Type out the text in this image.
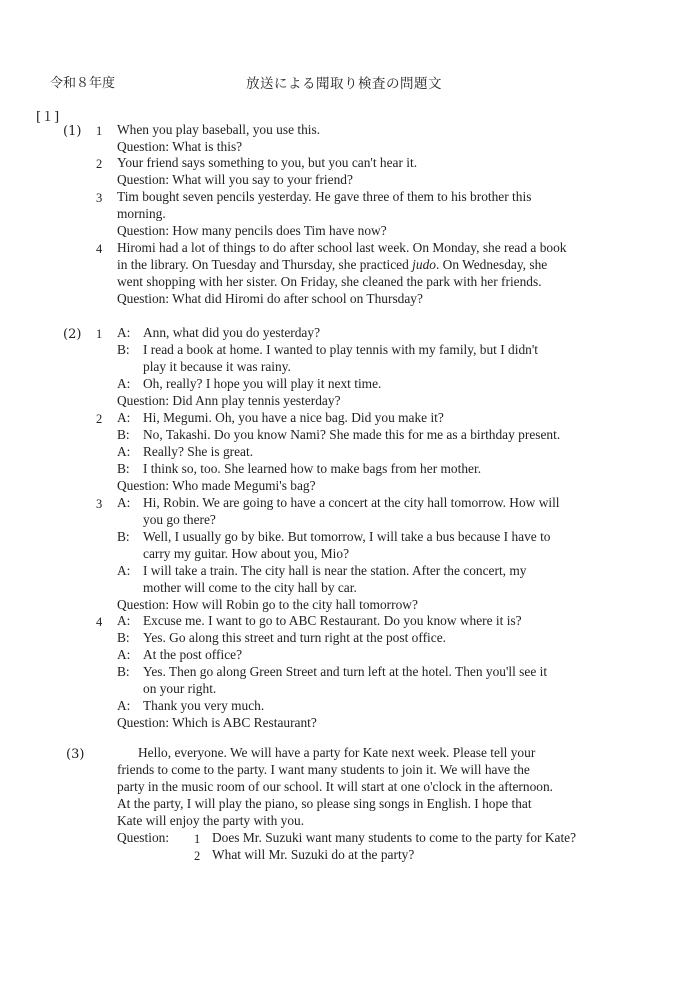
令和８年度	放送による聞取り検査の問題文
[１]
(1) 1 When you play baseball, you use this.
Question: What is this?
2 Your friend says something to you, but you can't hear it.
Question: What will you say to your friend?
3 Tim bought seven pencils yesterday. He gave three of them to his brother this
morning.
Question: How many pencils does Tim have now?
4 Hiromi had a lot of things to do after school last week. On Monday, she read a book
in the library. On Tuesday and Thursday, she practiced judo. On Wednesday, she
went shopping with her sister. On Friday, she cleaned the park with her friends.
Question: What did Hiromi do after school on Thursday?
(2) 1 A: Ann, what did you do yesterday?
B: I read a book at home. I wanted to play tennis with my family, but I didn't
play it because it was rainy.
A: Oh, really? I hope you will play it next time.
Question: Did Ann play tennis yesterday?
2 A: Hi, Megumi. Oh, you have a nice bag. Did you make it?
B: No, Takashi. Do you know Nami? She made this for me as a birthday present.
A: Really? She is great.
B: I think so, too. She learned how to make bags from her mother.
Question: Who made Megumi's bag?
3 A: Hi, Robin. We are going to have a concert at the city hall tomorrow. How will
you go there?
B: Well, I usually go by bike. But tomorrow, I will take a bus because I have to
carry my guitar. How about you, Mio?
A: I will take a train. The city hall is near the station. After the concert, my
mother will come to the city hall by car.
Question: How will Robin go to the city hall tomorrow?
4 A: Excuse me. I want to go to ABC Restaurant. Do you know where it is?
B: Yes. Go along this street and turn right at the post office.
A: At the post office?
B: Yes. Then go along Green Street and turn left at the hotel. Then you'll see it
on your right.
A: Thank you very much.
Question: Which is ABC Restaurant?
(3)	Hello, everyone. We will have a party for Kate next week. Please tell your
friends to come to the party. I want many students to join it. We will have the
party in the music room of our school. It will start at one o'clock in the afternoon.
At the party, I will play the piano, so please sing songs in English. I hope that
Kate will enjoy the party with you.
Question: 1 Does Mr. Suzuki want many students to come to the party for Kate?
2 What will Mr. Suzuki do at the party?
